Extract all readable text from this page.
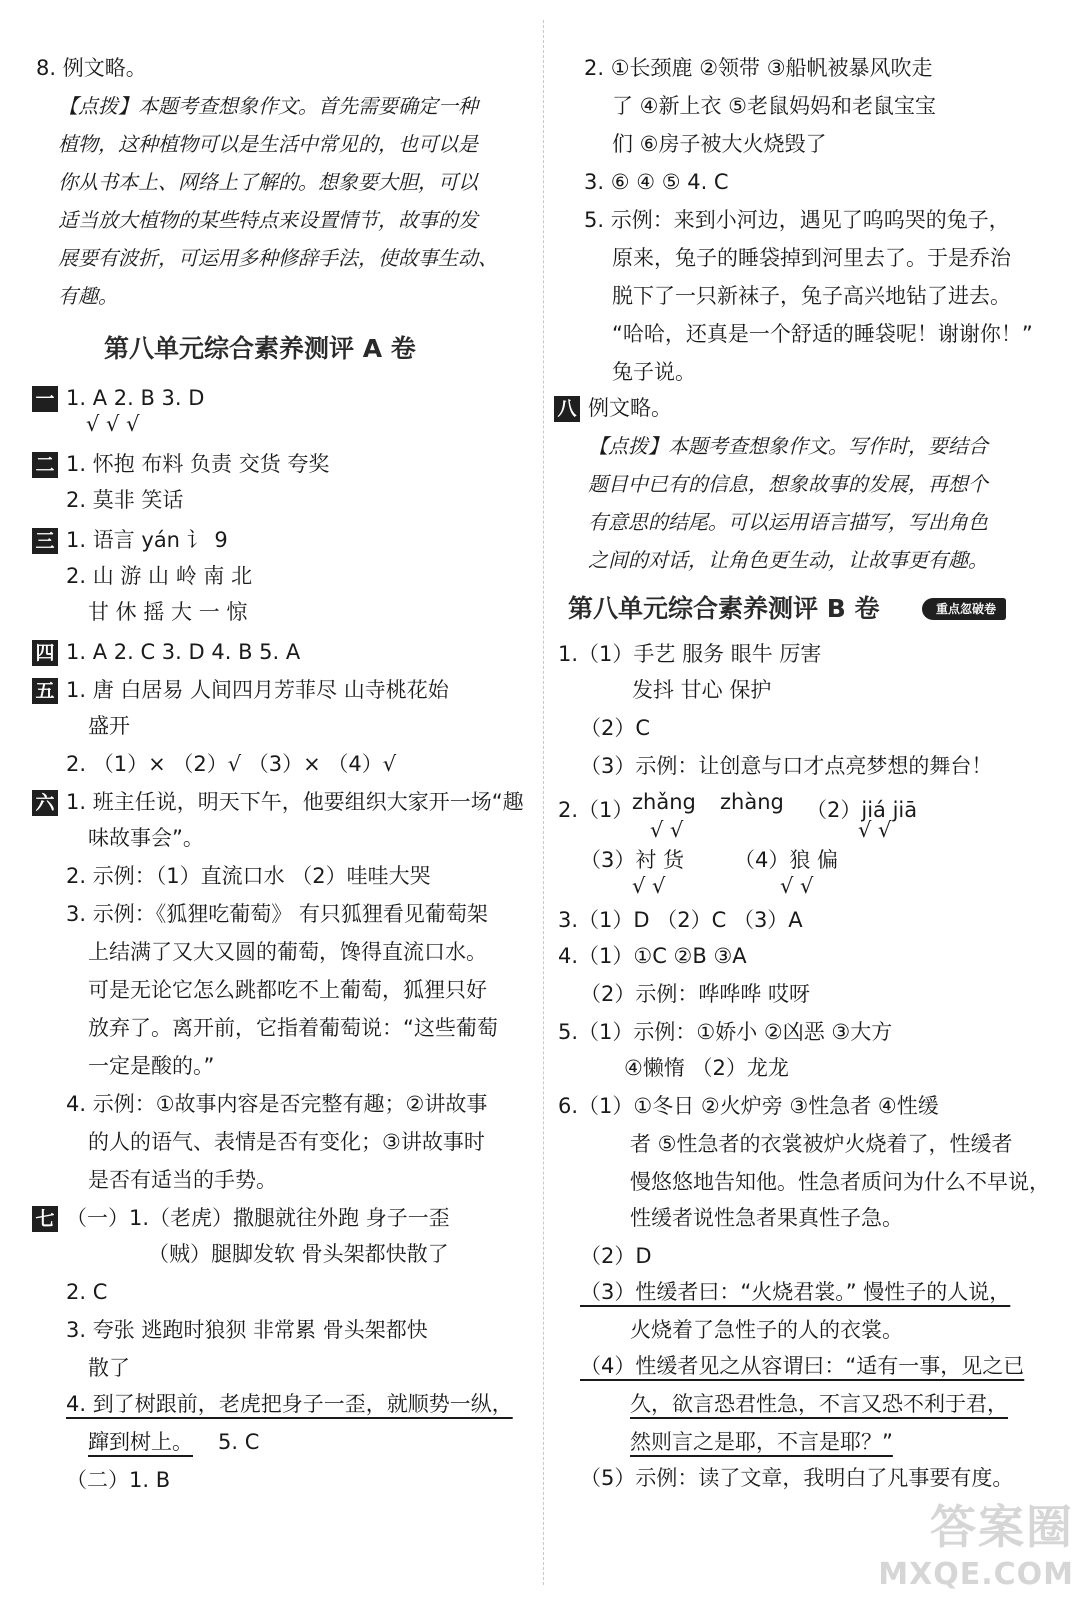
8. 例文略。
【点拨】本题考查想象作文。首先需要确定一种
植物，这种植物可以是生活中常见的，也可以是
你从书本上、网络上了解的。想象要大胆，可以
适当放大植物的某些特点来设置情节，故事的发
展要有波折，可运用多种修辞手法，使故事生动、
有趣。
第八单元综合素养测评 A 卷
一 1. A 2. B 3. D
√ √ √
二 1. 怀抱 布料 负责 交货 夸奖
2. 莫非 笑话
三 1. 语言 yán 讠 9
2. 山 游 山 岭 南 北
甘 休 摇 大 一 惊
四 1. A 2. C 3. D 4. B 5. A
五 1. 唐 白居易 人间四月芳菲尽 山寺桃花始
盛开
2. （1）× （2）√ （3）× （4）√
六 1. 班主任说，明天下午，他要组织大家开一场“趣
味故事会”。
2. 示例：（1）直流口水 （2）哇哇大哭
3. 示例：《狐狸吃葡萄》 有只狐狸看见葡萄架
上结满了又大又圆的葡萄，馋得直流口水。
可是无论它怎么跳都吃不上葡萄，狐狸只好
放弃了。离开前，它指着葡萄说：“这些葡萄
一定是酸的。”
4. 示例：①故事内容是否完整有趣；②讲故事
的人的语气、表情是否有变化；③讲故事时
是否有适当的手势。
七 （一）1.（老虎）撒腿就往外跑 身子一歪
（贼）腿脚发软 骨头架都快散了
2. C
3. 夸张 逃跑时狼狈 非常累 骨头架都快
散了
4. 到了树跟前，老虎把身子一歪，就顺势一纵，
蹿到树上。 5. C
（二）1. B
2. ①长颈鹿 ②领带 ③船帆被暴风吹走
了 ④新上衣 ⑤老鼠妈妈和老鼠宝宝
们 ⑥房子被大火烧毁了
3. ⑥ ④ ⑤ 4. C
5. 示例：来到小河边，遇见了呜呜哭的兔子，
原来，兔子的睡袋掉到河里去了。于是乔治
脱下了一只新袜子，兔子高兴地钻了进去。
“哈哈，还真是一个舒适的睡袋呢！谢谢你！”
兔子说。
八 例文略。
【点拨】本题考查想象作文。写作时，要结合
题目中已有的信息，想象故事的发展，再想个
有意思的结尾。可以运用语言描写，写出角色
之间的对话，让角色更生动，让故事更有趣。
第八单元综合素养测评 B 卷	重点忽破卷
1.（1）手艺 服务 眼牛 厉害
发抖 甘心 保护
（2）C
（3）示例：让创意与口才点亮梦想的舞台！
2.（1）
zhǎng zhàng （2）jiá jiā
√ √	√ √
（3）衬 货 （4）狼 偏
√ √	√ √
3.（1）D （2）C （3）A
4.（1）①C ②B ③A
（2）示例：哗哗哗 哎呀
5.（1）示例：①娇小 ②凶恶 ③大方
④懒惰 （2）龙龙
6.（1）①冬日 ②火炉旁 ③性急者 ④性缓
者 ⑤性急者的衣裳被炉火烧着了，性缓者
慢悠悠地告知他。性急者质问为什么不早说，
性缓者说性急者果真性子急。
（2）D
（3）性缓者曰：“火烧君裳。” 慢性子的人说，
火烧着了急性子的人的衣裳。
（4）性缓者见之从容谓曰：“适有一事，见之已
久，欲言恐君性急，不言又恐不利于君，
然则言之是耶，不言是耶？”
（5）示例：读了文章，我明白了凡事要有度。
答案圈
MXQE.COM
